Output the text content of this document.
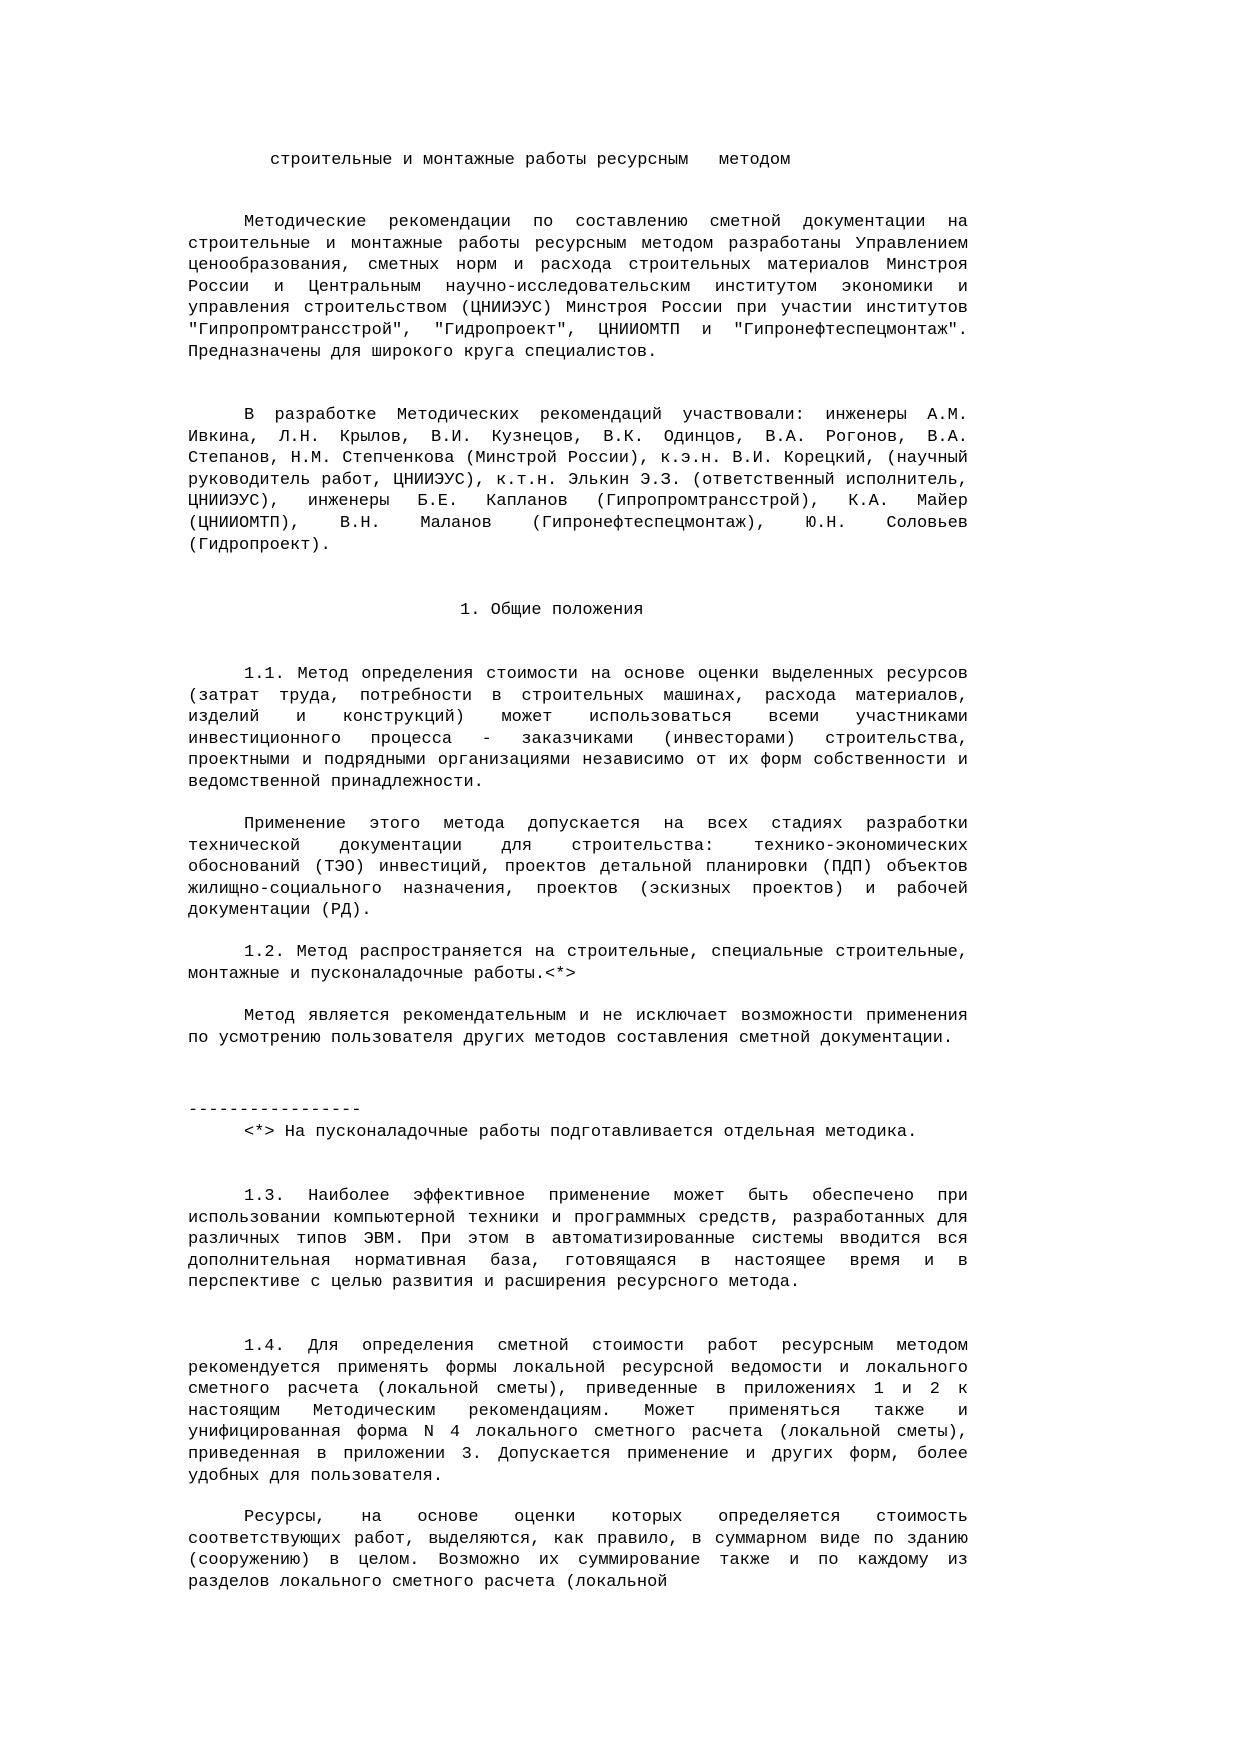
строительные и монтажные работы ресурсным   методом

Методические рекомендации по составлению сметной документации на строительные и монтажные работы ресурсным методом разработаны Управлением ценообразования, сметных норм и расхода строительных материалов Минстроя России и Центральным научно-исследовательским институтом экономики и управления строительством (ЦНИИЭУС) Минстроя России при участии институтов "Гипропромтрансстрой", "Гидропроект", ЦНИИОМТП и "Гипронефтеспецмонтаж". Предназначены для широкого круга специалистов.

В разработке Методических рекомендаций участвовали: инженеры А.М. Ивкина, Л.Н. Крылов, В.И. Кузнецов, В.К. Одинцов, В.А. Рогонов, В.А. Степанов, Н.М. Степченкова (Минстрой России), к.э.н. В.И. Корецкий, (научный руководитель работ, ЦНИИЭУС), к.т.н. Элькин Э.З. (ответственный исполнитель, ЦНИИЭУС), инженеры Б.Е. Капланов (Гипропромтрансстрой), К.А. Майер (ЦНИИОМТП), В.Н. Маланов (Гипронефтеспецмонтаж), Ю.Н. Соловьев (Гидропроект).

1. Общие положения

1.1. Метод определения стоимости на основе оценки выделенных ресурсов (затрат труда, потребности в строительных машинах, расхода материалов, изделий и конструкций) может использоваться всеми участниками инвестиционного процесса - заказчиками (инвесторами) строительства, проектными и подрядными организациями независимо от их форм собственности и ведомственной принадлежности.

Применение этого метода допускается на всех стадиях разработки технической документации для строительства: технико-экономических обоснований (ТЭО) инвестиций, проектов детальной планировки (ПДП) объектов жилищно-социального назначения, проектов (эскизных проектов) и рабочей документации (РД).

1.2. Метод распространяется на строительные, специальные строительные, монтажные и пусконаладочные работы.<*>

Метод является рекомендательным и не исключает возможности применения по усмотрению пользователя других методов составления сметной документации.

-----------------

<*> На пусконаладочные работы подготавливается отдельная методика.

1.3. Наиболее эффективное применение может быть обеспечено при использовании компьютерной техники и программных средств, разработанных для различных типов ЭВМ. При этом в автоматизированные системы вводится вся дополнительная нормативная база, готовящаяся в настоящее время и в перспективе с целью развития и расширения ресурсного метода.

1.4. Для определения сметной стоимости работ ресурсным методом рекомендуется применять формы локальной ресурсной ведомости и локального сметного расчета (локальной сметы), приведенные в приложениях 1 и 2 к настоящим Методическим рекомендациям. Может применяться также и унифицированная форма N 4 локального сметного расчета (локальной сметы), приведенная в приложении 3. Допускается применение и других форм, более удобных для пользователя.

Ресурсы, на основе оценки которых определяется стоимость соответствующих работ, выделяются, как правило, в суммарном виде по зданию (сооружению) в целом. Возможно их суммирование также и по каждому из разделов локального сметного расчета (локальной
